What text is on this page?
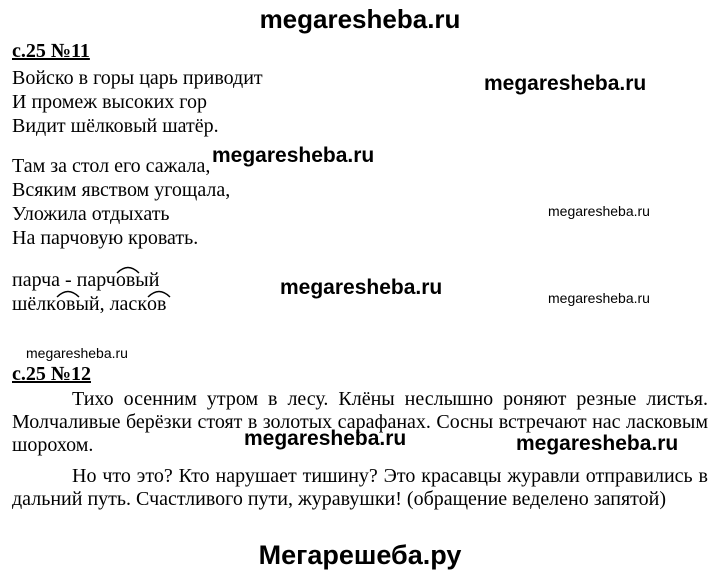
megaresheba.ru
с.25 №11
Войско в горы царь приводит
И промеж высоких гор
Видит шёлковый шатёр.
Там за стол его сажала,
Всяким явством угощала,
Уложила отдыхать
На парчовую кровать.
парча - парч
овый
шёлк
овый, ласк
ов
megaresheba.ru
megaresheba.ru
megaresheba.ru
megaresheba.ru	megaresheba.ru
megaresheba.ru
с.25 №12

Тихо осенним утром в лесу. Клёны неслышно роняют резные листья. Молчаливые берёзки стоят в золотых сарафанах. Сосны встречают нас ласковым шорохом.

Но что это? Кто нарушает тишину? Это красавцы журавли отправились в дальний путь. Счастливого пути, журавушки! (обращение веделено запятой)

megaresheba.ru	megaresheba.ru
Мегарешеба.ру
